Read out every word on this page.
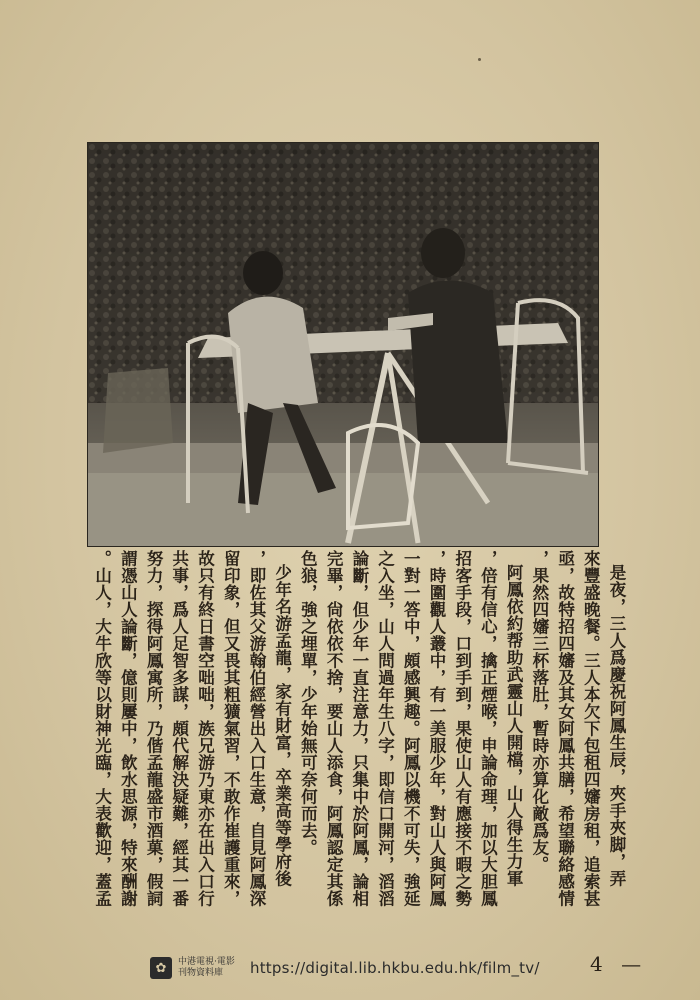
是夜，三人爲慶祝阿鳳生辰，夾手夾脚，弄
來豐盛晚餐。三人本欠下包租四嬸房租，追索甚
亟，故特招四嬸及其女阿鳳共膳，希望聯絡感情
，果然四嬸三杯落肚，暫時亦算化敵爲友。
阿鳳依約帮助武靈山人開檔，山人得生力軍
，倍有信心，擒正煙喉，申論命理，加以大胆鳳
招客手段，口到手到，果使山人有應接不暇之勢
，時圍觀人叢中，有一美服少年，對山人與阿鳳
一對一答中，頗感興趣。阿鳳以機不可失，強延
之入坐，山人問過年生八字，即信口開河，滔滔
論斷，但少年一直注意力，只集中於阿鳳，論相
完畢，尙依依不捨，要山人添食，阿鳳認定其係
色狼，強之埋單，少年始無可奈何而去。
少年名游孟龍，家有財富，卒業高等學府後
，即佐其父游翰伯經營出入口生意，自見阿鳳深
留印象，但又畏其粗獷氣習，不敢作崔護重來，
故只有終日書空咄咄，族兄游乃東亦在出入口行
共事，爲人足智多謀，頗代解決疑難，經其一番
努力，探得阿鳳寓所，乃偕孟龍盛市酒菓，假詞
謂憑山人論斷，億則屢中，飲水思源，特來酬謝
。山人，大牛欣等以財神光臨，大表歡迎，蓋孟
✿	中港電視·電影刊物資料庫	https://digital.lib.hkbu.edu.hk/film_tv/	4 —
